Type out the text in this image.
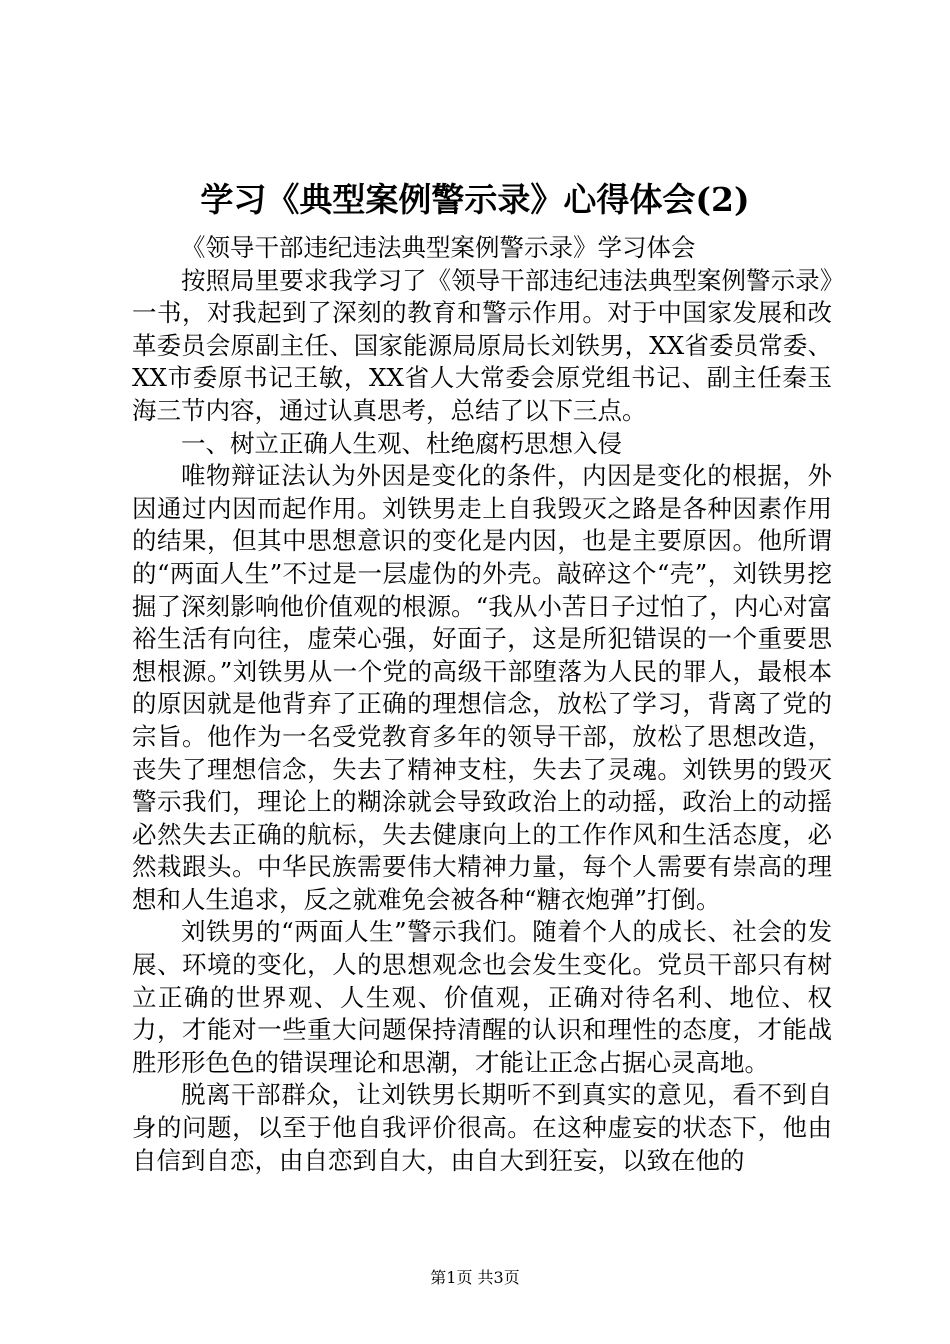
学习《典型案例警示录》心得体会(2)

《领导干部违纪违法典型案例警示录》学习体会

按照局里要求我学习了《领导干部违纪违法典型案例警示录》一书，对我起到了深刻的教育和警示作用。对于中国家发展和改革委员会原副主任、国家能源局原局长刘铁男，XX省委员常委、XX市委原书记王敏，XX省人大常委会原党组书记、副主任秦玉海三节内容，通过认真思考，总结了以下三点。

一、树立正确人生观、杜绝腐朽思想入侵

唯物辩证法认为外因是变化的条件，内因是变化的根据，外因通过内因而起作用。刘铁男走上自我毁灭之路是各种因素作用的结果，但其中思想意识的变化是内因，也是主要原因。他所谓的“两面人生”不过是一层虚伪的外壳。敲碎这个“壳”，刘铁男挖掘了深刻影响他价值观的根源。“我从小苦日子过怕了，内心对富裕生活有向往，虚荣心强，好面子，这是所犯错误的一个重要思想根源。”刘铁男从一个党的高级干部堕落为人民的罪人，最根本的原因就是他背弃了正确的理想信念，放松了学习，背离了党的宗旨。他作为一名受党教育多年的领导干部，放松了思想改造，丧失了理想信念，失去了精神支柱，失去了灵魂。刘铁男的毁灭警示我们，理论上的糊涂就会导致政治上的动摇，政治上的动摇必然失去正确的航标，失去健康向上的工作作风和生活态度，必然栽跟头。中华民族需要伟大精神力量，每个人需要有崇高的理想和人生追求，反之就难免会被各种“糖衣炮弹”打倒。

刘铁男的“两面人生”警示我们。随着个人的成长、社会的发展、环境的变化，人的思想观念也会发生变化。党员干部只有树立正确的世界观、人生观、价值观，正确对待名利、地位、权力，才能对一些重大问题保持清醒的认识和理性的态度，才能战胜形形色色的错误理论和思潮，才能让正念占据心灵高地。

脱离干部群众，让刘铁男长期听不到真实的意见，看不到自身的问题，以至于他自我评价很高。在这种虚妄的状态下，他由自信到自恋，由自恋到自大，由自大到狂妄，以致在他的

第1页 共3页
